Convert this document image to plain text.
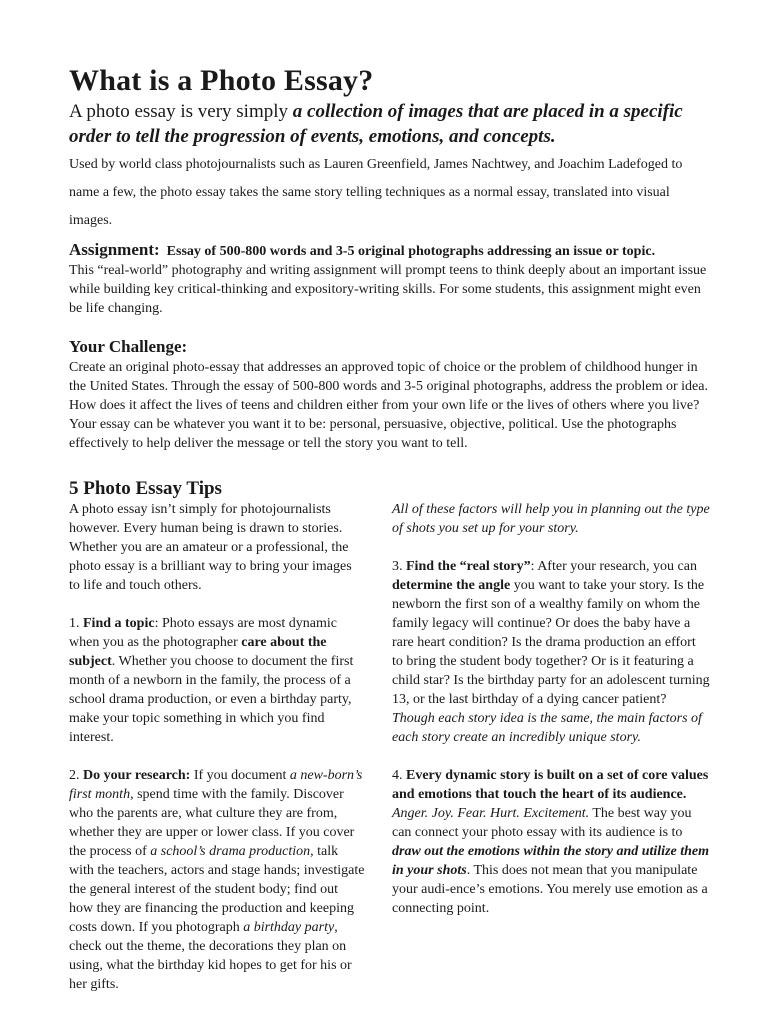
What is a Photo Essay?

A photo essay is very simply a collection of images that are placed in a specific order to tell the progression of events, emotions, and concepts.

Used by world class photojournalists such as Lauren Greenfield, James Nachtwey, and Joachim Ladefoged to name a few, the photo essay takes the same story telling techniques as a normal essay, translated into visual images.

Assignment: Essay of 500-800 words and 3-5 original photographs addressing an issue or topic.
This “real-world” photography and writing assignment will prompt teens to think deeply about an important issue while building key critical-thinking and expository-writing skills. For some students, this assignment might even be life changing.
Your Challenge:

Create an original photo-essay that addresses an approved topic of choice or the problem of childhood hunger in the United States. Through the essay of 500-800 words and 3-5 original photographs, address the problem or idea. How does it affect the lives of teens and children either from your own life or the lives of others where you live? Your essay can be whatever you want it to be: personal, persuasive, objective, political. Use the photographs effectively to help deliver the message or tell the story you want to tell.

5 Photo Essay Tips

A photo essay isn’t simply for photojournalists however. Every human being is drawn to stories. Whether you are an amateur or a professional, the photo essay is a brilliant way to bring your images to life and touch others.

1. Find a topic: Photo essays are most dynamic when you as the photographer care about the subject. Whether you choose to document the first month of a newborn in the family, the process of a school drama production, or even a birthday party, make your topic something in which you find interest.

2. Do your research: If you document a new-born’s first month, spend time with the family. Discover who the parents are, what culture they are from, whether they are upper or lower class. If you cover the process of a school’s drama production, talk with the teachers, actors and stage hands; investigate the general interest of the student body; find out how they are financing the production and keeping costs down. If you photograph a birthday party, check out the theme, the decorations they plan on using, what the birthday kid hopes to get for his or her gifts.

All of these factors will help you in planning out the type of shots you set up for your story.

3. Find the “real story”: After your research, you can determine the angle you want to take your story. Is the newborn the first son of a wealthy family on whom the family legacy will continue? Or does the baby have a rare heart condition? Is the drama production an effort to bring the student body together? Or is it featuring a child star? Is the birthday party for an adolescent turning 13, or the last birthday of a dying cancer patient? Though each story idea is the same, the main factors of each story create an incredibly unique story.

4. Every dynamic story is built on a set of core values and emotions that touch the heart of its audience. Anger. Joy. Fear. Hurt. Excitement. The best way you can connect your photo essay with its audience is to draw out the emotions within the story and utilize them in your shots. This does not mean that you manipulate your audi-ence’s emotions. You merely use emotion as a connecting point.
